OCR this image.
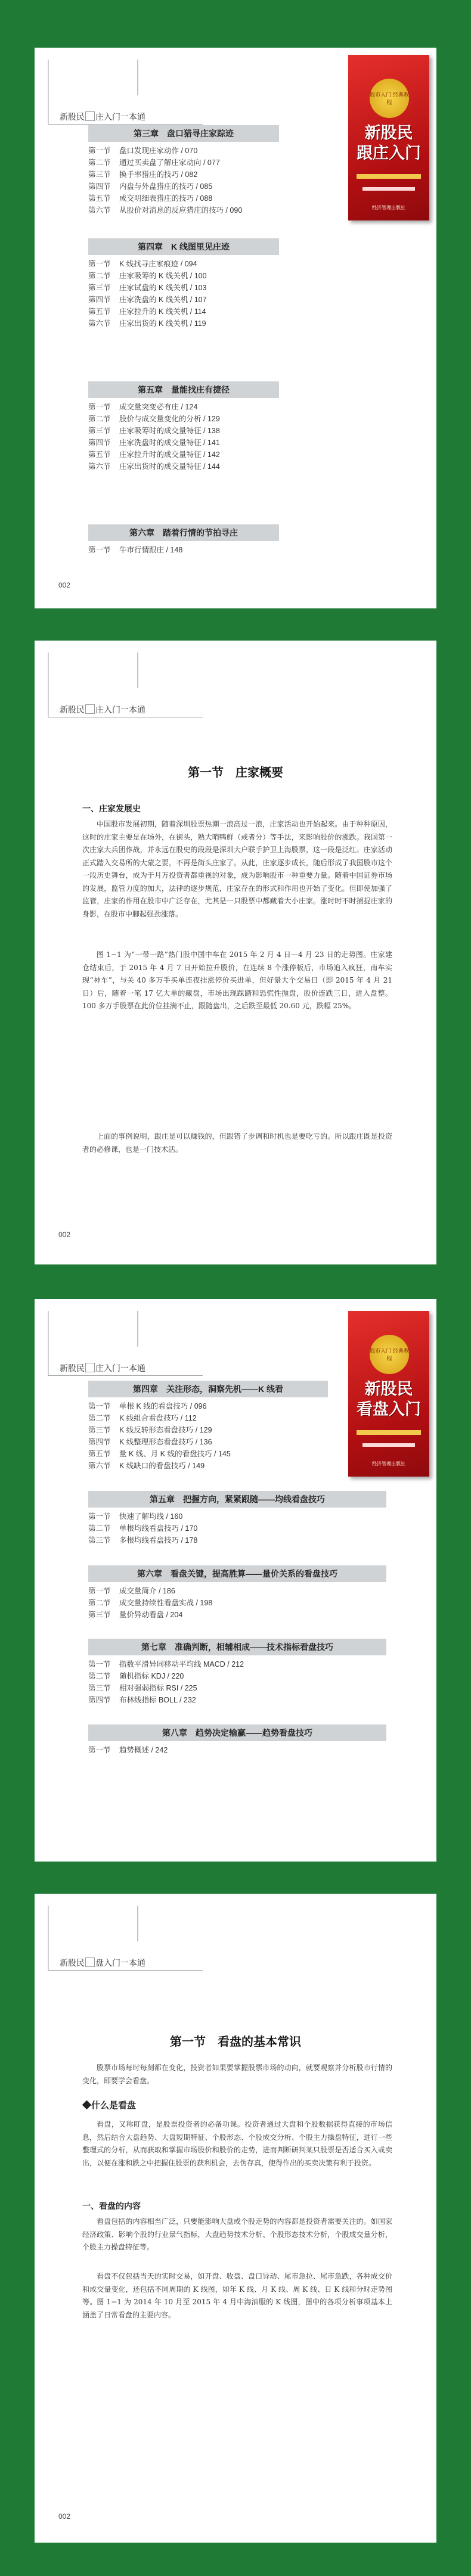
新股民 庄入门一本通
股市入门 经典教程
新股民
跟庄入门
经济管理出版社
第三章　盘口猎寻庄家踪迹
第一节 盘口发现庄家动作 / 070
第二节 通过买卖盘了解庄家动向 / 077
第三节 换手率猎庄的技巧 / 082
第四节 内盘与外盘猎庄的技巧 / 085
第五节 成交明细表猎庄的技巧 / 088
第六节 从股价对消息的反应猎庄的技巧 / 090
第四章　K 线图里见庄迹
第一节 K 线找寻庄家痕迹 / 094
第二节 庄家吸筹的 K 线关机 / 100
第三节 庄家试盘的 K 线关机 / 103
第四节 庄家洗盘的 K 线关机 / 107
第五节 庄家拉升的 K 线关机 / 114
第六节 庄家出货的 K 线关机 / 119
第五章　量能找庄有捷径
第一节 成交量突变必有庄 / 124
第二节 股价与成交量变化的分析 / 129
第三节 庄家吸筹时的成交量特征 / 138
第四节 庄家洗盘时的成交量特征 / 141
第五节 庄家拉升时的成交量特征 / 142
第六节 庄家出货时的成交量特征 / 144
第六章　踏着行情的节拍寻庄
第一节 牛市行情跟庄 / 148
002
新股民 庄入门一本通
第一节　庄家概要
一、庄家发展史
中国股市发展初期，随着深圳股票热潮一浪高过一浪，庄家活动也开始起来。由于种种原因，这时的庄家主要是在场外，在街头，熟大哨鸭鲜（或者分）等手法，来影响股价的涨跌。我国第一次庄家大兵团作战，并永远在股史的段段是深圳大户联手护卫上海股票，这一段是泛红。庄家活动正式踏入交易所的大蒙之要，不再是街头庄家了。从此，庄家逐步成长，随后形成了我国股市这个一段历史舞台，成为于月万投资者都重视的对象，成为影响股市一种重要力量。随着中国证券市场的发展，监管力度的加大，法律的逐步规范，庄家存在的形式和作用也开始了变化。但即使加强了监管，庄家的作用在股市中广泛存在，尤其是一只股票中都藏着大小庄家。涨时时不时捕捉庄家的身影，在股市中脚起强劲涨落。
图 1−1 为“一带一路”热门股中国中车在 2015 年 2 月 4 日—4 月 23 日的走势图。庄家建仓结束后，于 2015 年 4 月 7 日开始拉升股价，在连续 8 个涨停板后，市场追入疯狂，南车实现“神车”，与关 40 多万手买单连夜挂涨停价买进单，但好景大个交易日（即 2015 年 4 月 21 日）后，随着一笔 17 亿大单的藏盘，市场出现踩踏和恐慌性抛盘，股价连跌三日，进入盘整。100 多万手股票在此价位挂满不止，跟随盘出，之后跌至最低 20.60 元，跌幅 25%。
上面的事例说明，跟庄是可以赚钱的，但跟错了步调和时机也是要吃亏的。所以跟庄既是投资者的必修课，也是一门技术活。
002
新股民 庄入门一本通
股市入门 经典教程
新股民
看盘入门
经济管理出版社
第四章　关注形态，洞察先机——K 线看
第一节 单根 K 线的看盘技巧 / 096
第二节 K 线组合看盘技巧 / 112
第三节 K 线反转形态看盘技巧 / 129
第四节 K 线整理形态看盘技巧 / 136
第五节 量 K 线、月 K 线的看盘技巧 / 145
第六节 K 线缺口的看盘技巧 / 149
第五章　把握方向，紧紧跟随——均线看盘技巧
第一节 快速了解均线 / 160
第二节 单根均线看盘技巧 / 170
第三节 多根均线看盘技巧 / 178
第六章　看盘关键，提高胜算——量价关系的看盘技巧
第一节 成交量简介 / 186
第二节 成交量持续性看盘实战 / 198
第三节 量价异动看盘 / 204
第七章　准确判断，相辅相成——技术指标看盘技巧
第一节 指数平滑异同移动平均线 MACD / 212
第二节 随机指标 KDJ / 220
第三节 相对强弱指标 RSI / 225
第四节 布林线指标 BOLL / 232
第八章　趋势决定输赢——趋势看盘技巧
第一节 趋势概述 / 242
新股民 盘入门一本通
第一节　看盘的基本常识
股票市场每时每刻都在变化，投资者如果要掌握股票市场的动向，就要观察并分析股市行情的变化，即要学会看盘。
◆什么是看盘
看盘，又称盯盘，是股票投资者的必备功课。投资者通过大盘和个股数据获得直接的市场信息，然后结合大盘趋势、大盘短期特征、个股形态、个股成交分析、个股主力操盘特征，进行一些整理式的分析，从而获取和掌握市场股价和股价的走势，进而判断研判某只股票是否适合买入或卖出，以便在涨和跌之中把握住股票的获利机会，去伪存真，使得作出的买卖决策有利于投资。
一、看盘的内容
看盘包括的内容相当广泛，只要能影响大盘或个股走势的内容都是投资者需要关注的。如国家经济政策、影响个股的行业景气指标，大盘趋势技术分析、个股形态技术分析，个股成交量分析，个股主力操盘特征等。
看盘不仅包括当天的实时交易，如开盘、收盘、盘口异动、尾市急拉、尾市急跌，各种成交价和成交量变化，还包括不同周期的 K 线图，如年 K 线、月 K 线、周 K 线、日 K 线和分时走势图等。图 1−1 为 2014 年 10 月至 2015 年 4 月中海油服的 K 线图，图中的各项分析事项基本上涵盖了日常看盘的主要内容。
002
